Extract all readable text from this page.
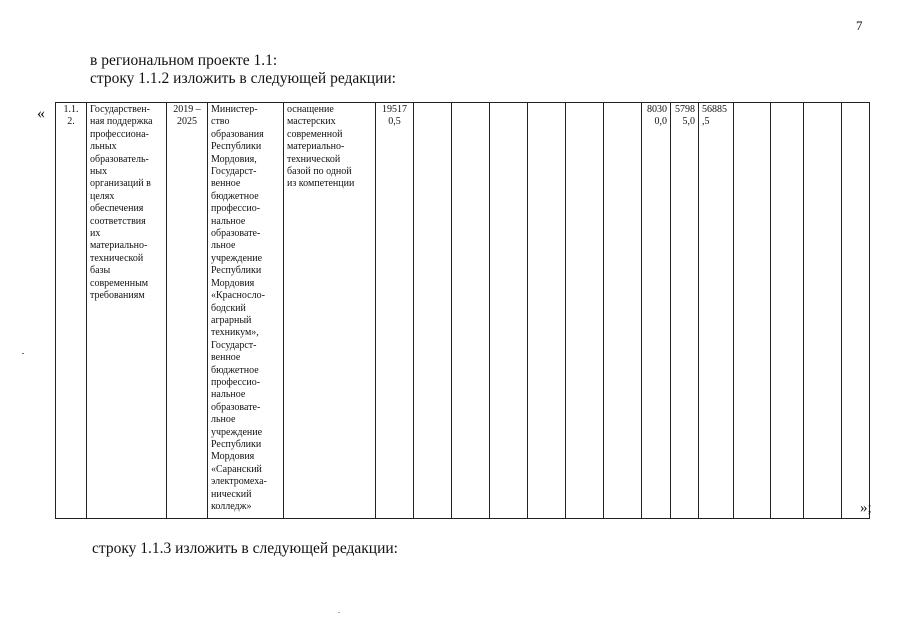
7
в региональном проекте 1.1:
строку 1.1.2 изложить в следующей редакции:
« 1.1.
2.	Государствен-
ная поддержка
профессиона-
льных
образователь-
ных
организаций в
целях
обеспечения
соответствия
их
материально-
технической
базы
современным
требованиям	2019 –
2025	Министер-
ство
образования
Республики
Мордовия,
Государст-
венное
бюджетное
профессио-
нальное
образовате-
льное
учреждение
Республики
Мордовия
«Краснослo-
бодский
аграрный
техникум»,
Государст-
венное
бюджетное
профессио-
нальное
образовате-
льное
учреждение
Республики
Мордовия
«Саранский
электромеха-
нический
колледж»	оснащение
мастерских
современной
материально-
технической
базой по одной
из компетенции	19517
0,5							8030
0,0	5798
5,0	56885
,5				
»;
строку 1.1.3 изложить в следующей редакции:
